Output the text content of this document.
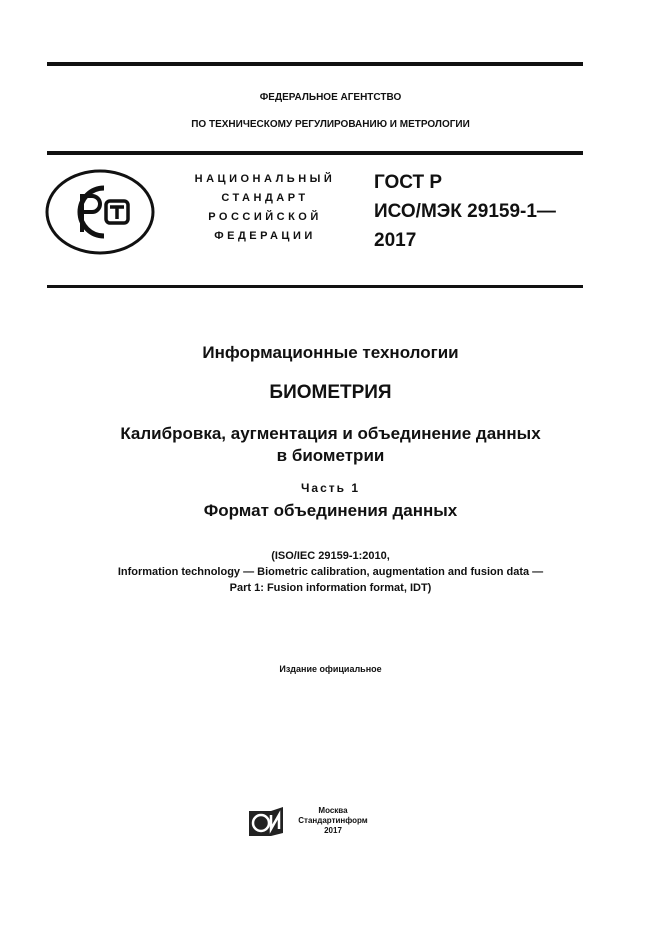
ФЕДЕРАЛЬНОЕ АГЕНТСТВО
ПО ТЕХНИЧЕСКОМУ РЕГУЛИРОВАНИЮ И МЕТРОЛОГИИ
НАЦИОНАЛЬНЫЙ
СТАНДАРТ
РОССИЙСКОЙ
ФЕДЕРАЦИИ
ГОСТ Р
ИСО/МЭК 29159-1—
2017
Информационные технологии
БИОМЕТРИЯ
Калибровка, аугментация и объединение данных
в биометрии
Часть 1
Формат объединения данных
(ISO/IEC 29159-1:2010,
Information technology — Biometric calibration, augmentation and fusion data —
Part 1: Fusion information format, IDT)
Издание официальное
Москва
Стандартинформ
2017
